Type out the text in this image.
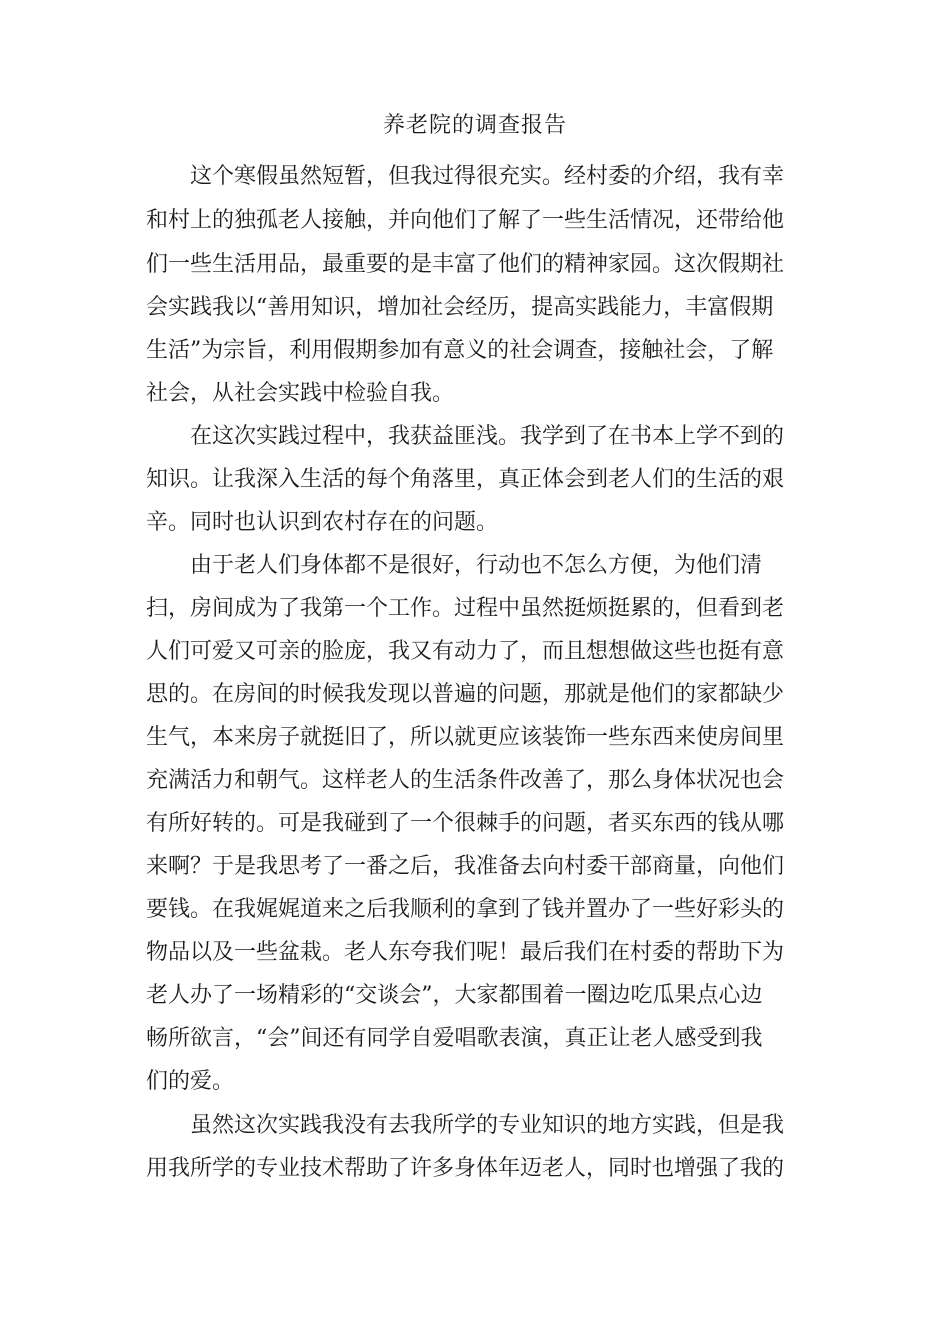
养老院的调查报告

这个寒假虽然短暂，但我过得很充实。经村委的介绍，我有幸

和村上的独孤老人接触，并向他们了解了一些生活情况，还带给他

们一些生活用品，最重要的是丰富了他们的精神家园。这次假期社

会实践我以“善用知识，增加社会经历，提高实践能力，丰富假期

生活”为宗旨，利用假期参加有意义的社会调查，接触社会，了解

社会，从社会实践中检验自我。

在这次实践过程中，我获益匪浅。我学到了在书本上学不到的

知识。让我深入生活的每个角落里，真正体会到老人们的生活的艰

辛。同时也认识到农村存在的问题。

由于老人们身体都不是很好，行动也不怎么方便，为他们清

扫，房间成为了我第一个工作。过程中虽然挺烦挺累的，但看到老

人们可爱又可亲的脸庞，我又有动力了，而且想想做这些也挺有意

思的。在房间的时候我发现以普遍的问题，那就是他们的家都缺少

生气，本来房子就挺旧了，所以就更应该装饰一些东西来使房间里

充满活力和朝气。这样老人的生活条件改善了，那么身体状况也会

有所好转的。可是我碰到了一个很棘手的问题，者买东西的钱从哪

来啊？于是我思考了一番之后，我准备去向村委干部商量，向他们

要钱。在我娓娓道来之后我顺利的拿到了钱并置办了一些好彩头的

物品以及一些盆栽。老人东夸我们呢！最后我们在村委的帮助下为

老人办了一场精彩的“交谈会”，大家都围着一圈边吃瓜果点心边

畅所欲言，“会”间还有同学自爱唱歌表演，真正让老人感受到我

们的爱。

虽然这次实践我没有去我所学的专业知识的地方实践，但是我

用我所学的专业技术帮助了许多身体年迈老人，同时也增强了我的
